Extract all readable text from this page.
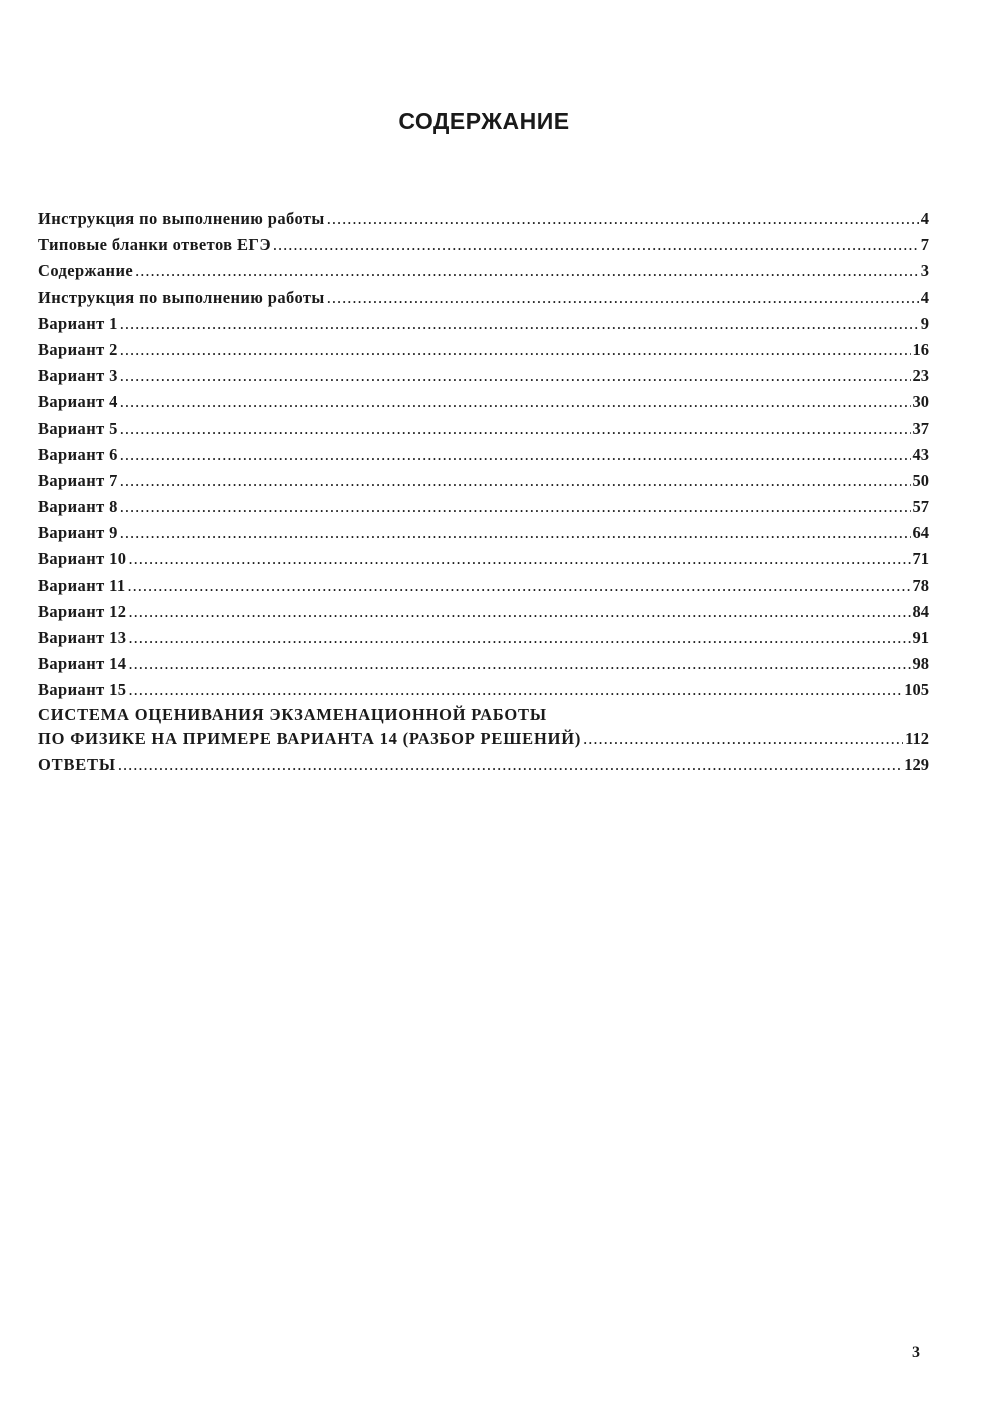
СОДЕРЖАНИЕ
Инструкция по выполнению работы .....	4
Типовые бланки ответов ЕГЭ .....	7
Содержание .....	3
Инструкция по выполнению работы .....	4
Вариант 1 .....	9
Вариант 2 .....	16
Вариант 3 .....	23
Вариант 4 .....	30
Вариант 5 .....	37
Вариант 6 .....	43
Вариант 7 .....	50
Вариант 8 .....	57
Вариант 9 .....	64
Вариант 10 .....	71
Вариант 11 .....	78
Вариант 12 .....	84
Вариант 13 .....	91
Вариант 14 .....	98
Вариант 15 .....	105
СИСТЕМА ОЦЕНИВАНИЯ ЭКЗАМЕНАЦИОННОЙ РАБОТЫ
ПО ФИЗИКЕ НА ПРИМЕРЕ ВАРИАНТА 14 (РАЗБОР РЕШЕНИЙ) .....	112
ОТВЕТЫ .....	129
3
